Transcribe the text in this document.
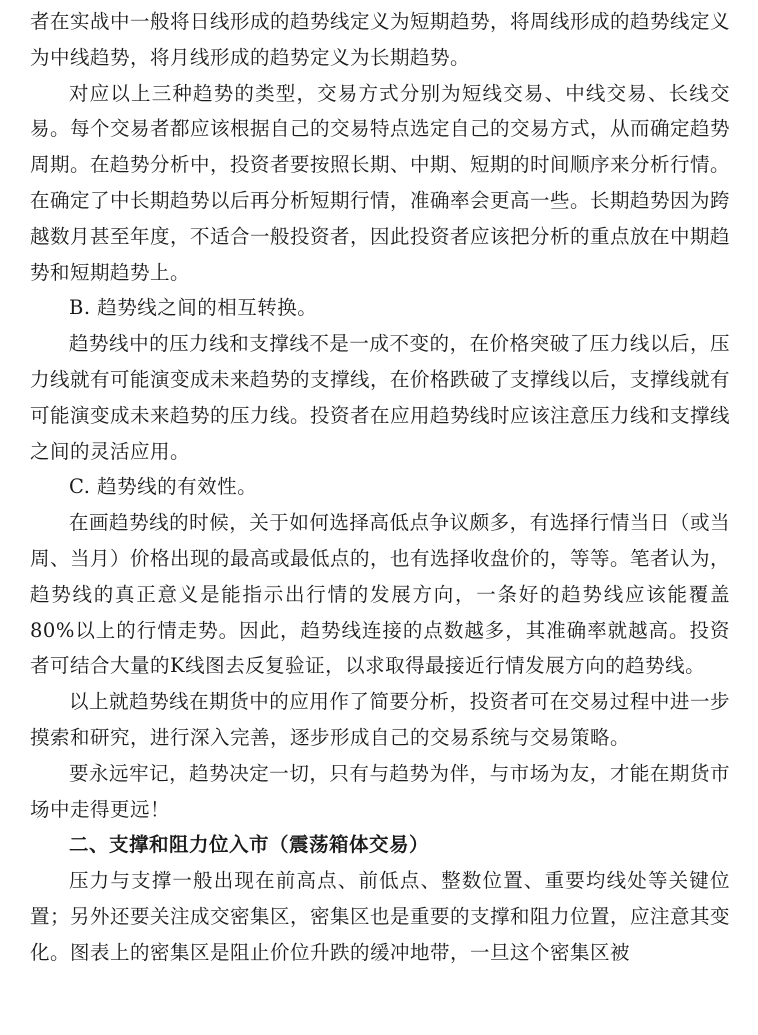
者在实战中一般将日线形成的趋势线定义为短期趋势，将周线形成的趋势线定义为中线趋势，将月线形成的趋势定义为长期趋势。

对应以上三种趋势的类型，交易方式分别为短线交易、中线交易、长线交易。每个交易者都应该根据自己的交易特点选定自己的交易方式，从而确定趋势周期。在趋势分析中，投资者要按照长期、中期、短期的时间顺序来分析行情。在确定了中长期趋势以后再分析短期行情，准确率会更高一些。长期趋势因为跨越数月甚至年度，不适合一般投资者，因此投资者应该把分析的重点放在中期趋势和短期趋势上。

B. 趋势线之间的相互转换。

趋势线中的压力线和支撑线不是一成不变的，在价格突破了压力线以后，压力线就有可能演变成未来趋势的支撑线，在价格跌破了支撑线以后，支撑线就有可能演变成未来趋势的压力线。投资者在应用趋势线时应该注意压力线和支撑线之间的灵活应用。

C. 趋势线的有效性。

在画趋势线的时候，关于如何选择高低点争议颇多，有选择行情当日（或当周、当月）价格出现的最高或最低点的，也有选择收盘价的，等等。笔者认为，趋势线的真正意义是能指示出行情的发展方向，一条好的趋势线应该能覆盖80%以上的行情走势。因此，趋势线连接的点数越多，其准确率就越高。投资者可结合大量的K线图去反复验证，以求取得最接近行情发展方向的趋势线。

以上就趋势线在期货中的应用作了简要分析，投资者可在交易过程中进一步摸索和研究，进行深入完善，逐步形成自己的交易系统与交易策略。

要永远牢记，趋势决定一切，只有与趋势为伴，与市场为友，才能在期货市场中走得更远！

二、支撑和阻力位入市（震荡箱体交易）

压力与支撑一般出现在前高点、前低点、整数位置、重要均线处等关键位置；另外还要关注成交密集区，密集区也是重要的支撑和阻力位置，应注意其变化。图表上的密集区是阻止价位升跌的缓冲地带，一旦这个密集区被
